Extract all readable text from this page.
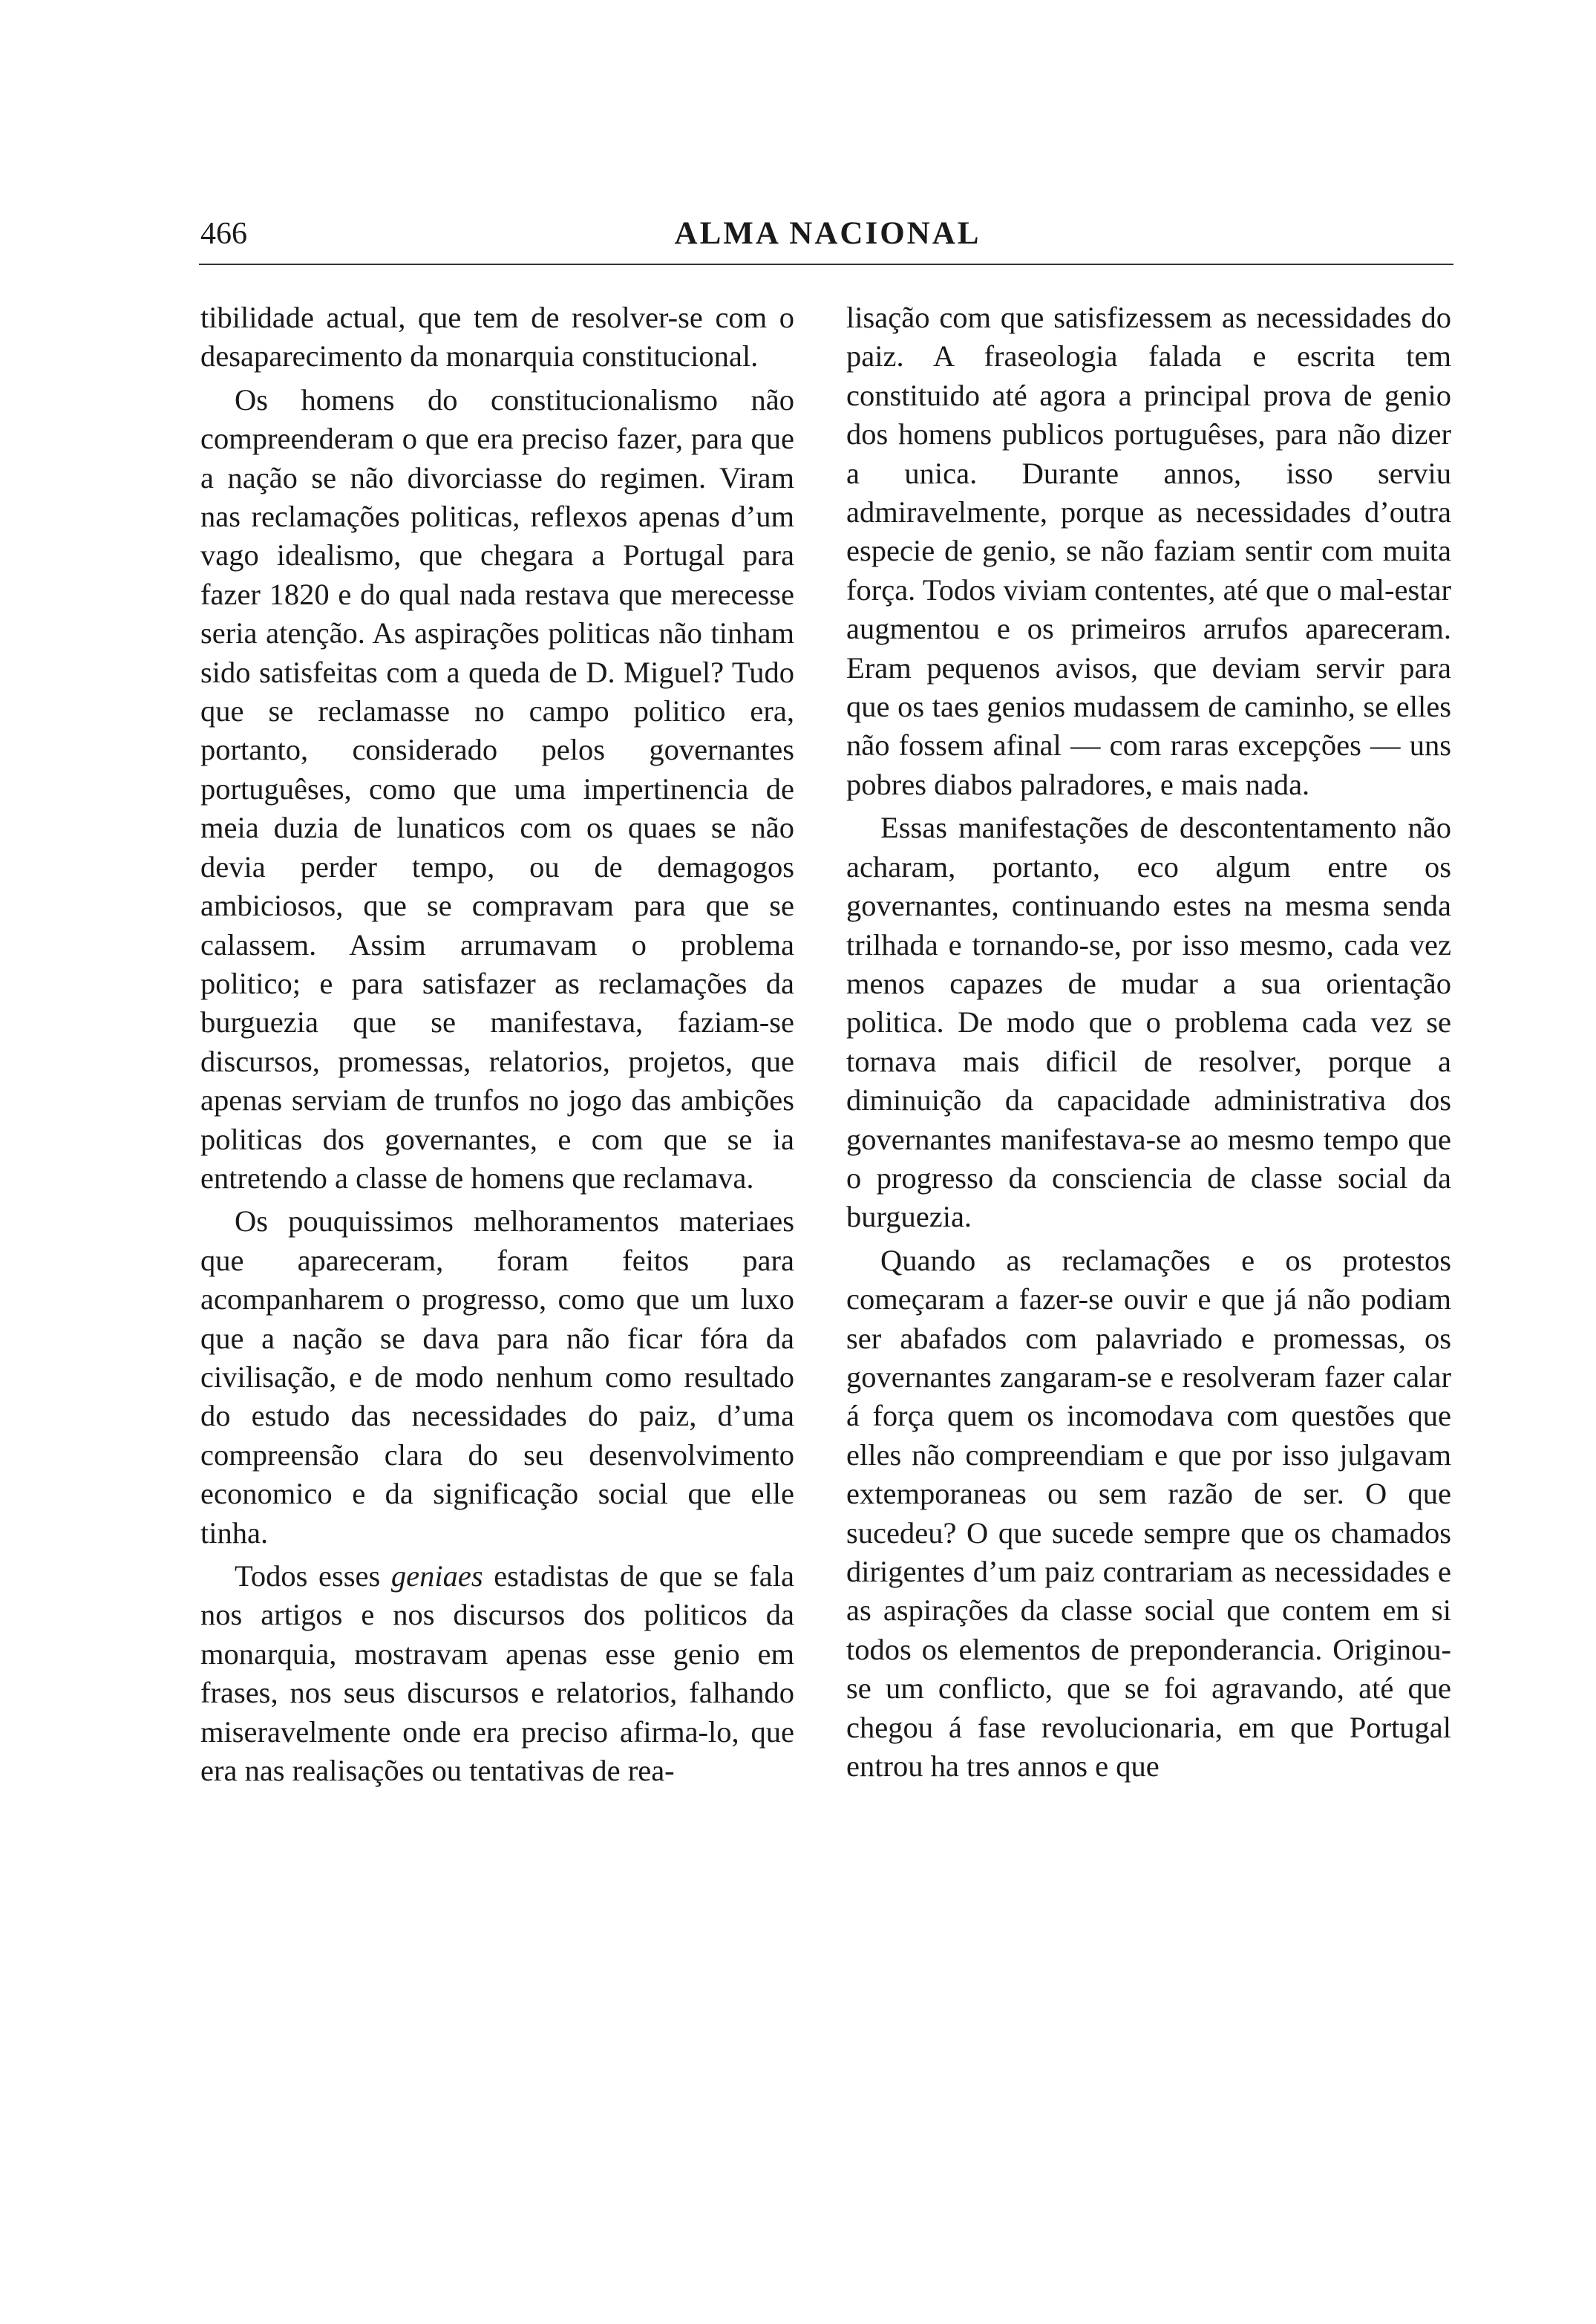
466	ALMA NACIONAL

tibilidade actual, que tem de resolver-se com o desaparecimento da monarquia constitucional.

Os homens do constitucionalismo não compreenderam o que era preciso fazer, para que a nação se não divorciasse do regimen. Viram nas reclamações politicas, reflexos apenas d’um vago idealismo, que chegara a Portugal para fazer 1820 e do qual nada restava que merecesse seria atenção. As aspirações politicas não tinham sido satisfeitas com a queda de D. Miguel? Tudo que se reclamasse no campo politico era, portanto, considerado pelos governantes portuguêses, como que uma impertinencia de meia duzia de lunaticos com os quaes se não devia perder tempo, ou de demagogos ambiciosos, que se compravam para que se calassem. Assim arrumavam o problema politico; e para satisfazer as reclamações da burguezia que se manifestava, faziam-se discursos, promessas, relatorios, projetos, que apenas serviam de trunfos no jogo das ambições politicas dos governantes, e com que se ia entretendo a classe de homens que reclamava.

Os pouquissimos melhoramentos materiaes que apareceram, foram feitos para acompanharem o progresso, como que um luxo que a nação se dava para não ficar fóra da civilisação, e de modo nenhum como resultado do estudo das necessidades do paiz, d’uma compreensão clara do seu desenvolvimento economico e da significação social que elle tinha.

Todos esses geniaes estadistas de que se fala nos artigos e nos discursos dos politicos da monarquia, mostravam apenas esse genio em frases, nos seus discursos e relatorios, falhando miseravelmente onde era preciso afirma-lo, que era nas realisações ou tentativas de rea-

lisação com que satisfizessem as necessidades do paiz. A fraseologia falada e escrita tem constituido até agora a principal prova de genio dos homens publicos portuguêses, para não dizer a unica. Durante annos, isso serviu admiravelmente, porque as necessidades d’outra especie de genio, se não faziam sentir com muita força. Todos viviam contentes, até que o mal-estar augmentou e os primeiros arrufos apareceram. Eram pequenos avisos, que deviam servir para que os taes genios mudassem de caminho, se elles não fossem afinal — com raras excepções — uns pobres diabos palradores, e mais nada.

Essas manifestações de descontentamento não acharam, portanto, eco algum entre os governantes, continuando estes na mesma senda trilhada e tornando-se, por isso mesmo, cada vez menos capazes de mudar a sua orientação politica. De modo que o problema cada vez se tornava mais dificil de resolver, porque a diminuição da capacidade administrativa dos governantes manifestava-se ao mesmo tempo que o progresso da consciencia de classe social da burguezia.

Quando as reclamações e os protestos começaram a fazer-se ouvir e que já não podiam ser abafados com palavriado e promessas, os governantes zangaram-se e resolveram fazer calar á força quem os incomodava com questões que elles não compreendiam e que por isso julgavam extemporaneas ou sem razão de ser. O que sucedeu? O que sucede sempre que os chamados dirigentes d’um paiz contrariam as necessidades e as aspirações da classe social que contem em si todos os elementos de preponderancia. Originou-se um conflicto, que se foi agravando, até que chegou á fase revolucionaria, em que Portugal entrou ha tres annos e que
